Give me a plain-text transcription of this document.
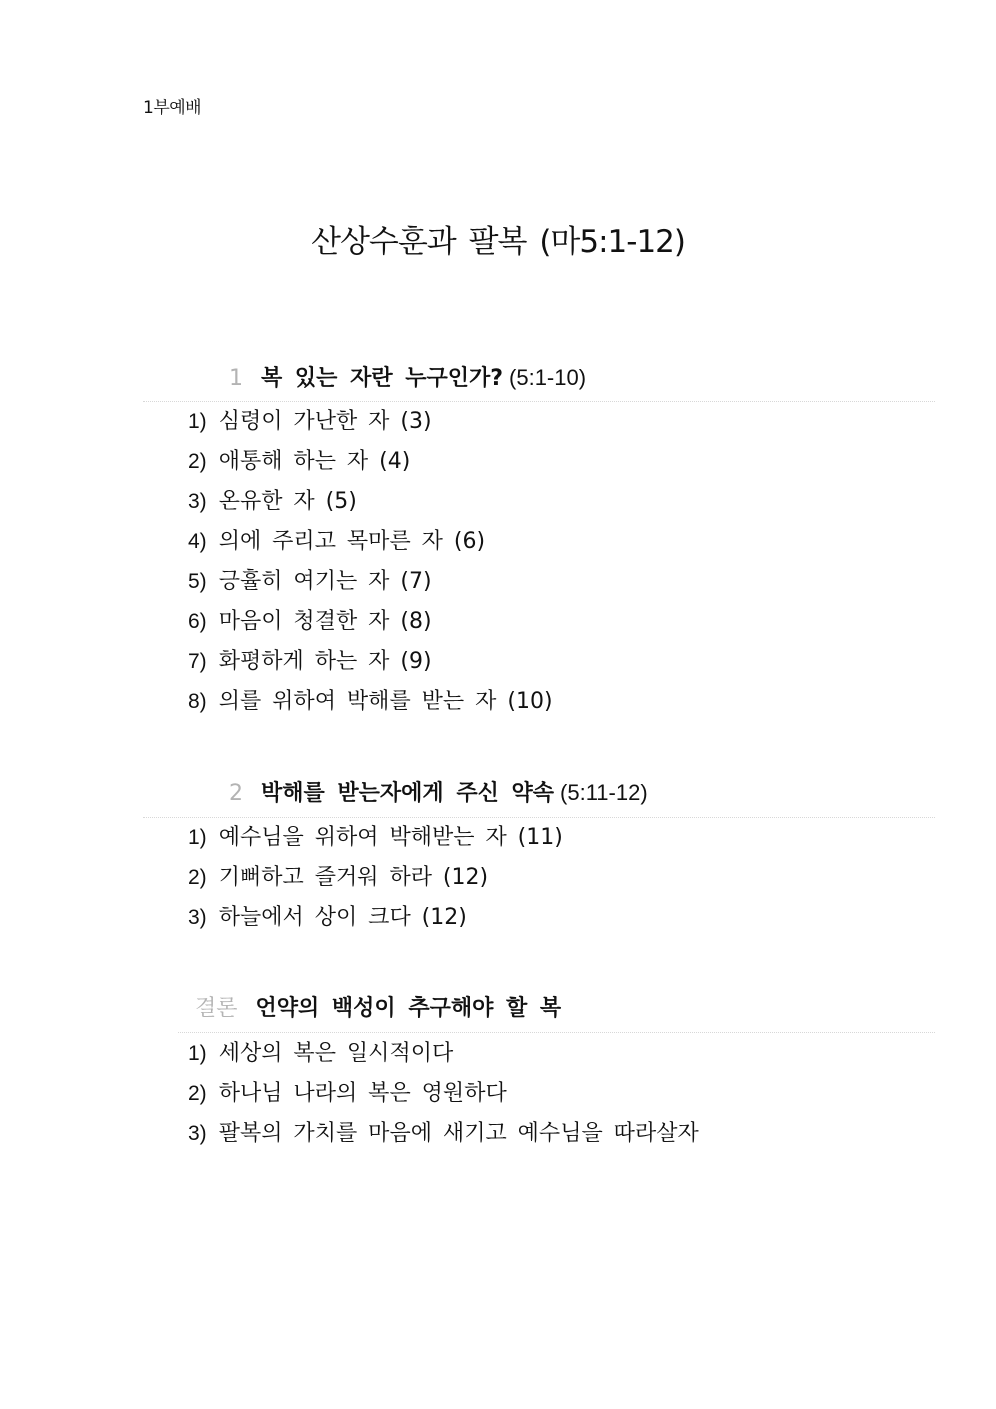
1부예배
산상수훈과 팔복 (마5:1-12)
1 복 있는 자란 누구인가? (5:1-10)
1) 심령이 가난한 자 (3)
2) 애통해 하는 자 (4)
3) 온유한 자 (5)
4) 의에 주리고 목마른 자 (6)
5) 긍휼히 여기는 자 (7)
6) 마음이 청결한 자 (8)
7) 화평하게 하는 자 (9)
8) 의를 위하여 박해를 받는 자 (10)
2 박해를 받는자에게 주신 약속 (5:11-12)
1) 예수님을 위하여 박해받는 자 (11)
2) 기뻐하고 즐거워 하라 (12)
3) 하늘에서 상이 크다 (12)
결론 언약의 백성이 추구해야 할 복
1) 세상의 복은 일시적이다
2) 하나님 나라의 복은 영원하다
3) 팔복의 가치를 마음에 새기고 예수님을 따라살자
